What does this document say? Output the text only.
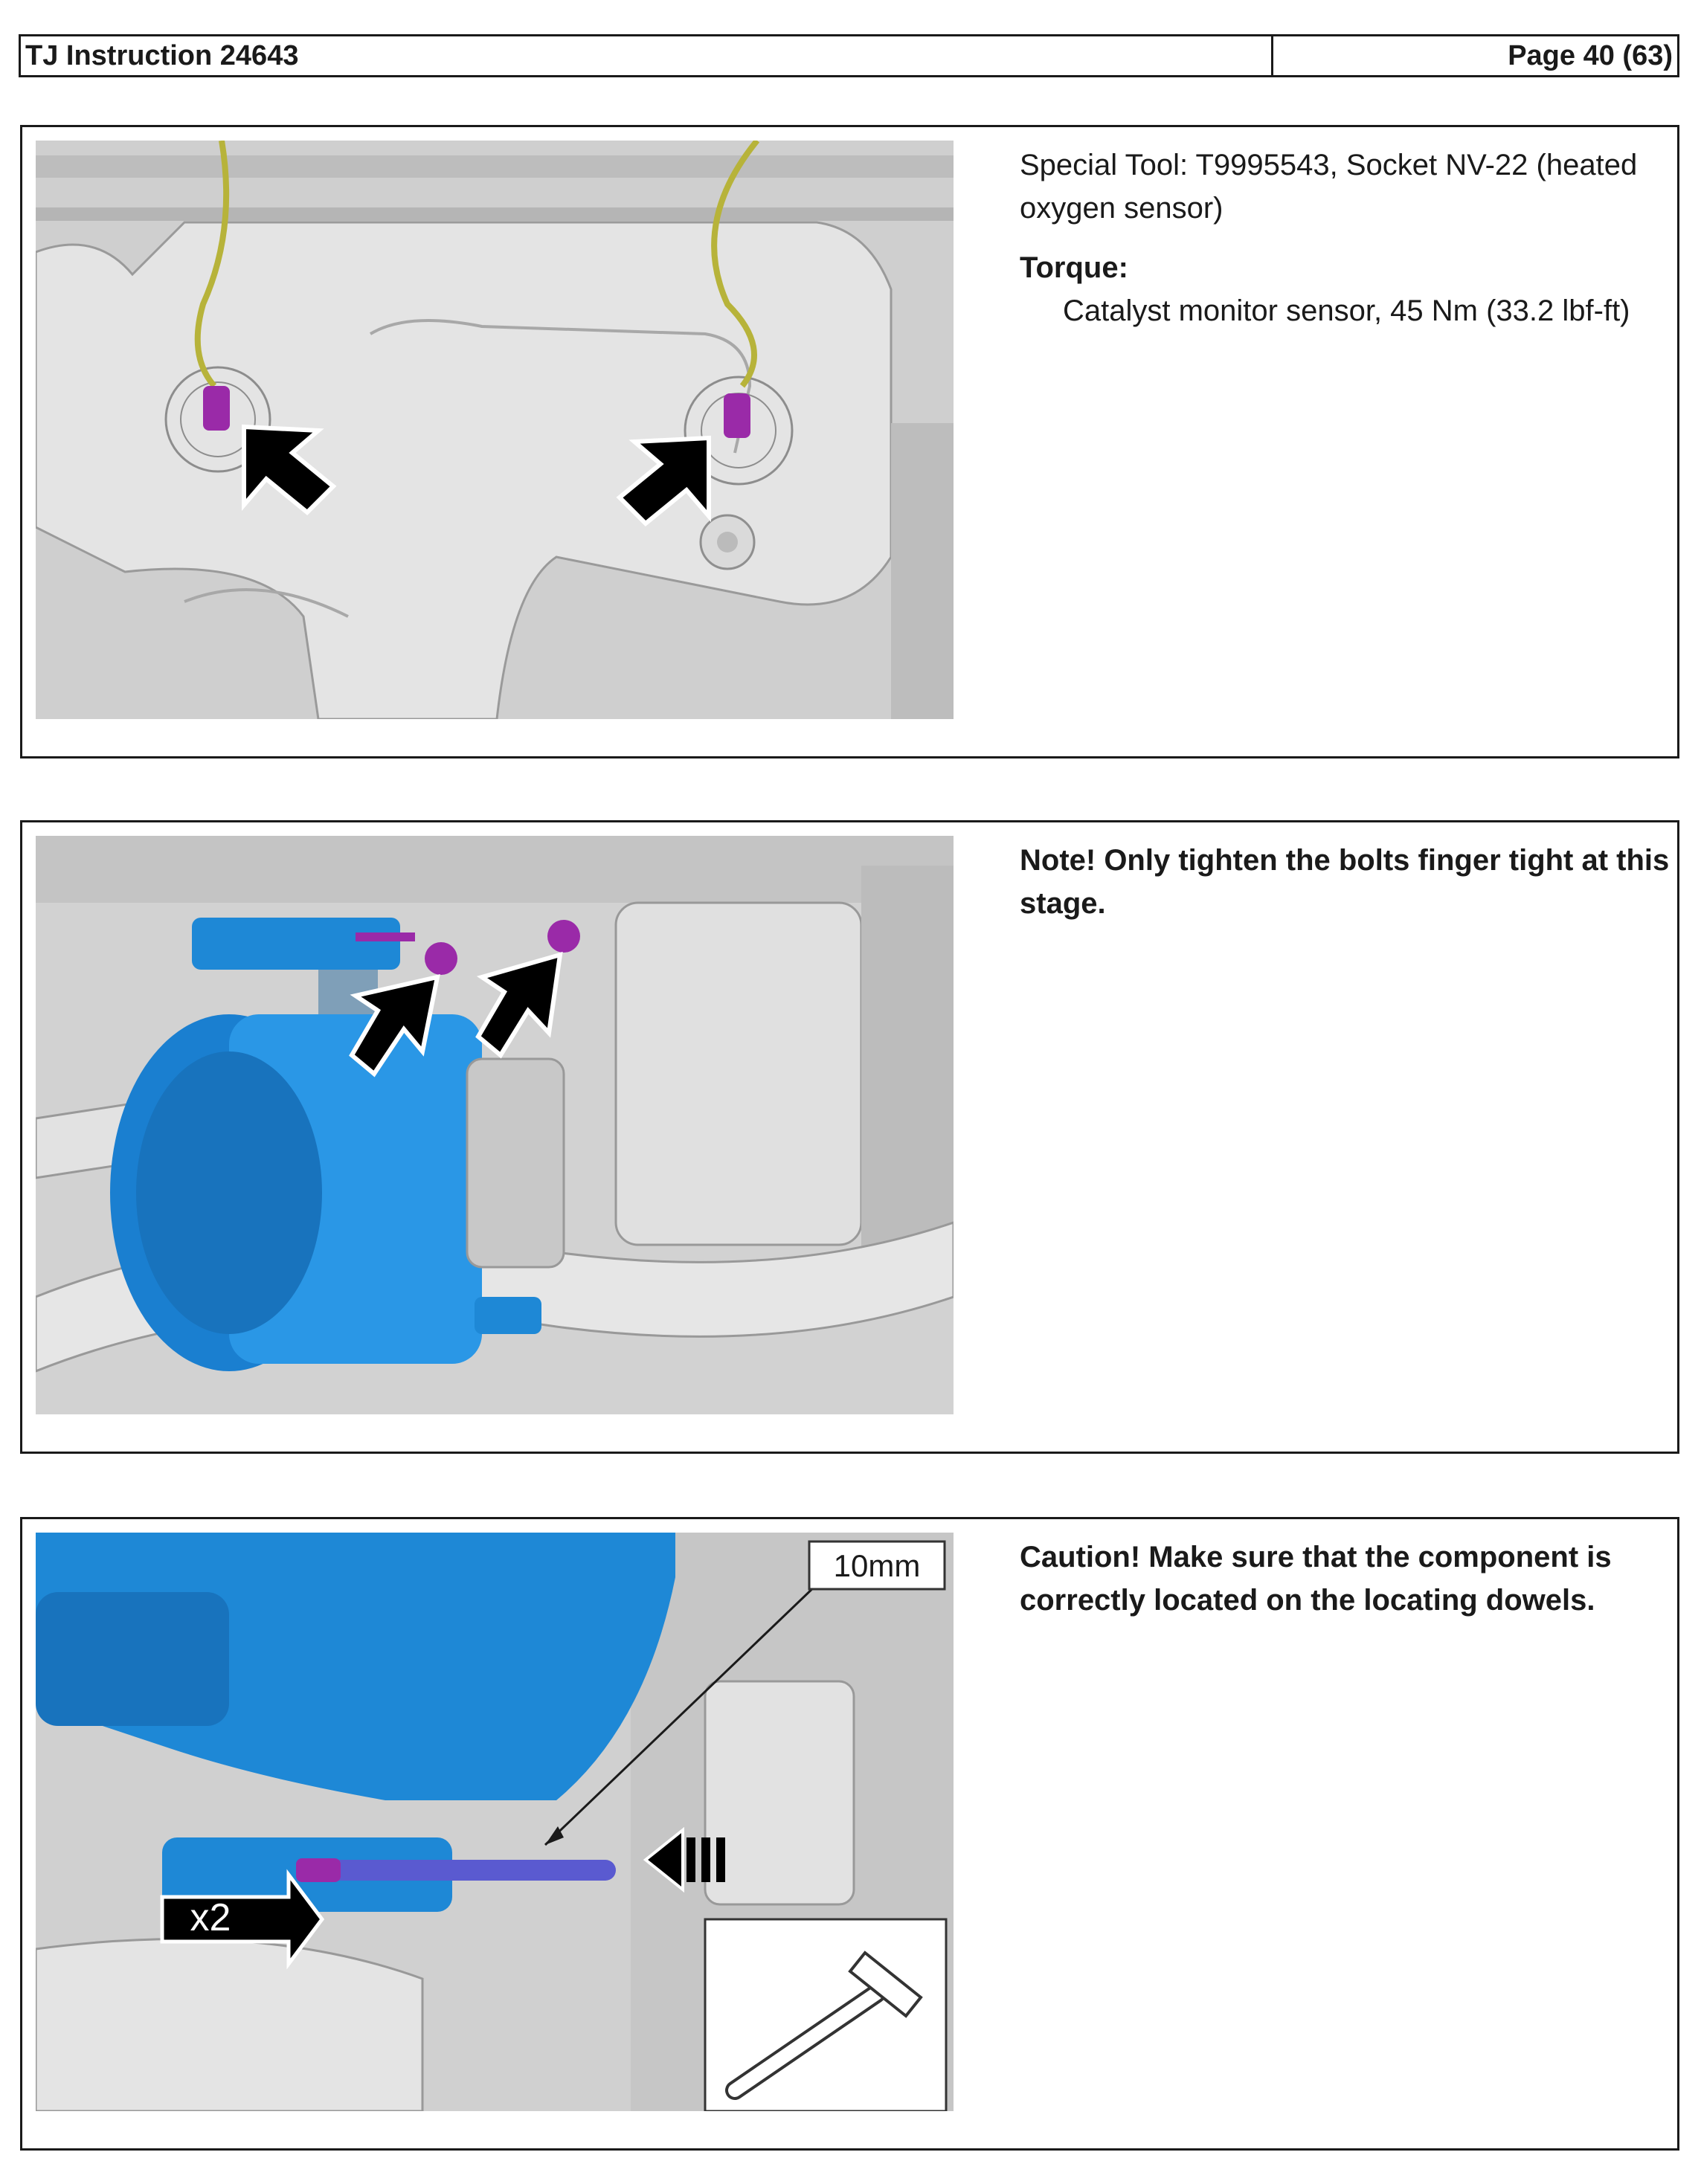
TJ Instruction 24643	Page 40 (63)

Special Tool: T9995543, Socket NV-22 (heated oxygen sensor)

Torque:

Catalyst monitor sensor, 45 Nm (33.2 lbf-ft)

Note! Only tighten the bolts finger tight at this stage.

10mm
x2

Caution! Make sure that the component is correctly located on the locating dowels.
